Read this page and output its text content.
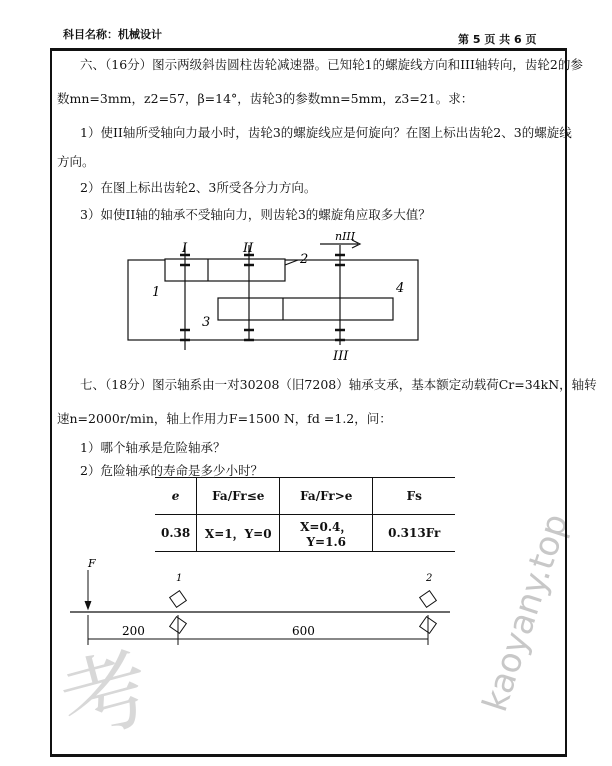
考	kaoyany.top
科目名称：机械设计	第 5 页 共 6 页
六、（16分）图示两级斜齿圆柱齿轮减速器。已知轮1的螺旋线方向和III轴转向，齿轮2的参
数mn=3mm，z2=57，β=14°，齿轮3的参数mn=5mm，z3=21。求：
1）使II轴所受轴向力最小时，齿轮3的螺旋线应是何旋向？在图上标出齿轮2、3的螺旋线
方向。
2）在图上标出齿轮2、3所受各分力方向。
3）如使II轴的轴承不受轴向力，则齿轮3的螺旋角应取多大值？
I	II
nIII
2
1	4
3
III
七、（18分）图示轴系由一对30208（旧7208）轴承支承，基本额定动载荷Cr=34kN，轴转
速n=2000r/min，轴上作用力F=1500 N，fd =1.2，问：
1）哪个轴承是危险轴承？
2）危险轴承的寿命是多少小时？
e	Fa/Fr≤e	Fa/Fr>e	Fs
0.38	X=1，Y=0	X=0.4，Y=1.6	0.313Fr
F
1	2
200	600
